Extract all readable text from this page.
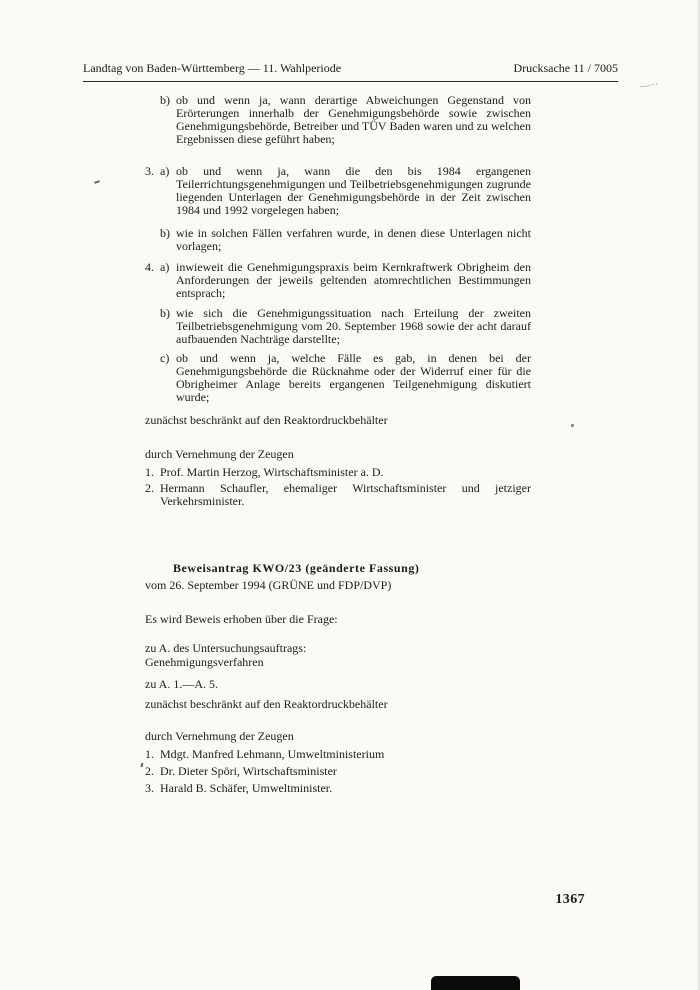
Landtag von Baden-Württemberg — 11. Wahlperiode	Drucksache 11 / 7005
b) ob und wenn ja, wann derartige Abweichungen Gegenstand von Erörterungen innerhalb der Genehmigungsbehörde sowie zwischen Genehmigungsbehörde, Betreiber und TÜV Baden waren und zu welchen Ergebnissen diese geführt haben;
3. a) ob und wenn ja, wann die den bis 1984 ergangenen Teilerrichtungsgenehmigungen und Teilbetriebsgenehmigungen zugrunde liegenden Unterlagen der Genehmigungsbehörde in der Zeit zwischen 1984 und 1992 vorgelegen haben;
b) wie in solchen Fällen verfahren wurde, in denen diese Unterlagen nicht vorlagen;
4. a) inwieweit die Genehmigungspraxis beim Kernkraftwerk Obrigheim den Anforderungen der jeweils geltenden atomrechtlichen Bestimmungen entsprach;
b) wie sich die Genehmigungssituation nach Erteilung der zweiten Teilbetriebsgenehmigung vom 20. September 1968 sowie der acht darauf aufbauenden Nachträge darstellte;
c) ob und wenn ja, welche Fälle es gab, in denen bei der Genehmigungsbehörde die Rücknahme oder der Widerruf einer für die Obrigheimer Anlage bereits ergangenen Teilgenehmigung diskutiert wurde;

zunächst beschränkt auf den Reaktordruckbehälter

durch Vernehmung der Zeugen

1. Prof. Martin Herzog, Wirtschaftsminister a. D.
2. Hermann Schaufler, ehemaliger Wirtschaftsminister und jetziger Verkehrsminister.

Beweisantrag KWO/23 (geänderte Fassung)

vom 26. September 1994 (GRÜNE und FDP/DVP)

Es wird Beweis erhoben über die Frage:

zu A. des Untersuchungsauftrags:

Genehmigungsverfahren

zu A. 1.—A. 5.

zunächst beschränkt auf den Reaktordruckbehälter

durch Vernehmung der Zeugen

1. Mdgt. Manfred Lehmann, Umweltministerium
2. Dr. Dieter Spöri, Wirtschaftsminister
3. Harald B. Schäfer, Umweltminister.
1367
—··
